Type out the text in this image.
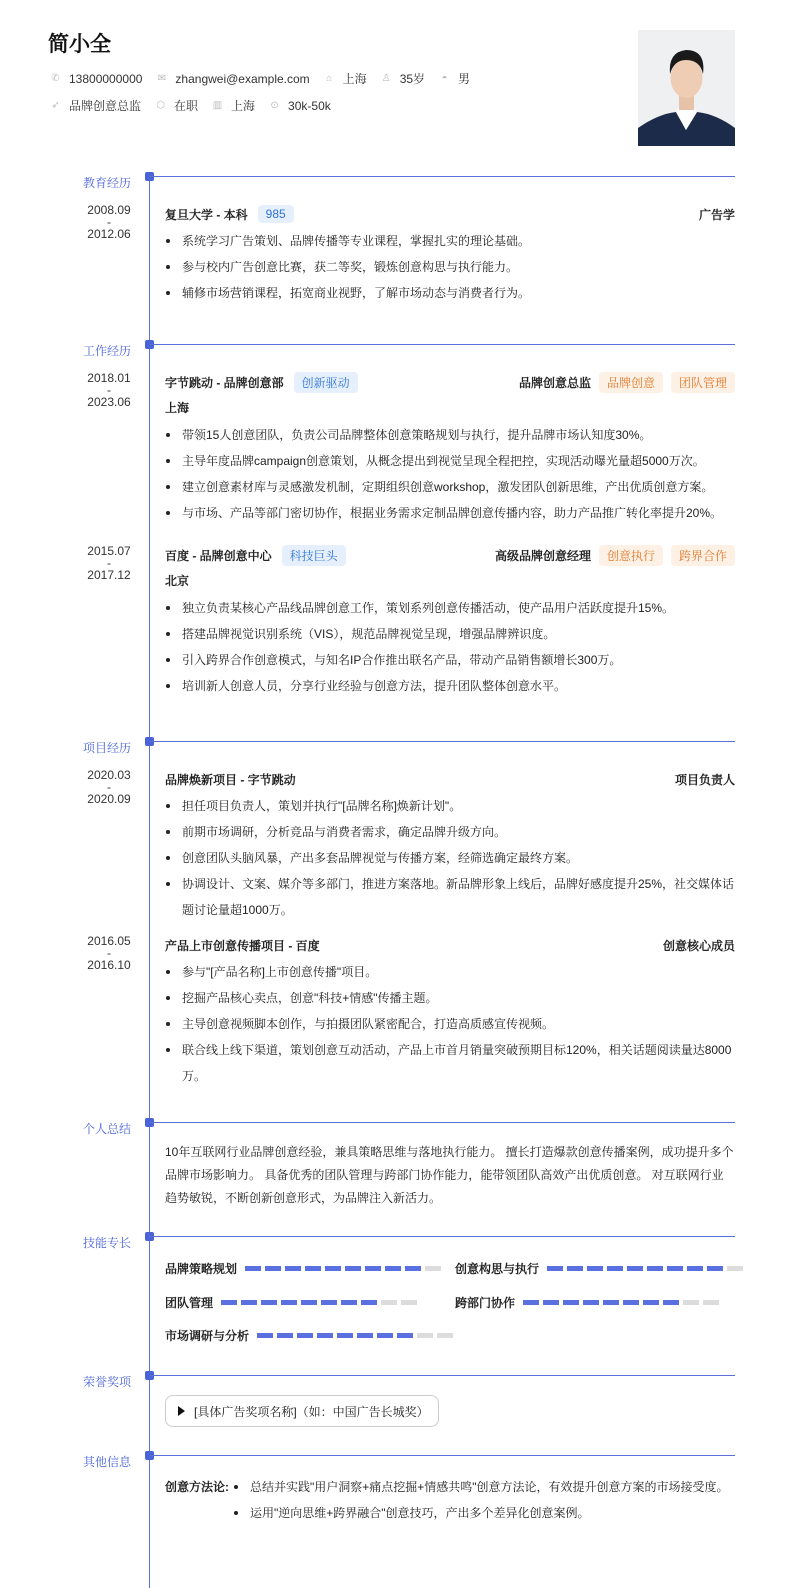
简小全
✆ 13800000000 ✉ zhangwei@example.com ⌂ 上海 ♙ 35岁 ◓ 男
➶ 品牌创意总监 ⬡ 在职 ▥ 上海 ⊙ 30k-50k
教育经历
2008.09
-
2012.06
复旦大学 - 本科	985	广告学
系统学习广告策划、品牌传播等专业课程，掌握扎实的理论基础。
参与校内广告创意比赛，获二等奖，锻炼创意构思与执行能力。
辅修市场营销课程，拓宽商业视野，了解市场动态与消费者行为。
工作经历
2018.01
-
2023.06
字节跳动 - 品牌创意部	创新驱动	品牌创意总监	品牌创意	团队管理
上海
带领15人创意团队，负责公司品牌整体创意策略规划与执行，提升品牌市场认知度30%。
主导年度品牌campaign创意策划，从概念提出到视觉呈现全程把控，实现活动曝光量超5000万次。
建立创意素材库与灵感激发机制，定期组织创意workshop，激发团队创新思维，产出优质创意方案。
与市场、产品等部门密切协作，根据业务需求定制品牌创意传播内容，助力产品推广转化率提升20%。
2015.07
-
2017.12
百度 - 品牌创意中心	科技巨头	高级品牌创意经理	创意执行	跨界合作
北京
独立负责某核心产品线品牌创意工作，策划系列创意传播活动，使产品用户活跃度提升15%。
搭建品牌视觉识别系统（VIS），规范品牌视觉呈现，增强品牌辨识度。
引入跨界合作创意模式，与知名IP合作推出联名产品，带动产品销售额增长300万。
培训新人创意人员，分享行业经验与创意方法，提升团队整体创意水平。
项目经历
2020.03
-
2020.09
品牌焕新项目 - 字节跳动	项目负责人
担任项目负责人，策划并执行"[品牌名称]焕新计划"。
前期市场调研，分析竞品与消费者需求，确定品牌升级方向。
创意团队头脑风暴，产出多套品牌视觉与传播方案，经筛选确定最终方案。
协调设计、文案、媒介等多部门，推进方案落地。新品牌形象上线后，品牌好感度提升25%，社交媒体话题讨论量超1000万。
2016.05
-
2016.10
产品上市创意传播项目 - 百度	创意核心成员
参与"[产品名称]上市创意传播"项目。
挖掘产品核心卖点，创意"科技+情感"传播主题。
主导创意视频脚本创作，与拍摄团队紧密配合，打造高质感宣传视频。
联合线上线下渠道，策划创意互动活动，产品上市首月销量突破预期目标120%，相关话题阅读量达8000万。
个人总结
10年互联网行业品牌创意经验，兼具策略思维与落地执行能力。 擅长打造爆款创意传播案例，成功提升多个品牌市场影响力。 具备优秀的团队管理与跨部门协作能力，能带领团队高效产出优质创意。 对互联网行业趋势敏锐，不断创新创意形式，为品牌注入新活力。
技能专长
品牌策略规划	创意构思与执行
团队管理	跨部门协作
市场调研与分析
荣誉奖项
[具体广告奖项名称]（如：中国广告长城奖）
其他信息
创意方法论:	总结并实践"用户洞察+痛点挖掘+情感共鸣"创意方法论，有效提升创意方案的市场接受度。
运用"逆向思维+跨界融合"创意技巧，产出多个差异化创意案例。
